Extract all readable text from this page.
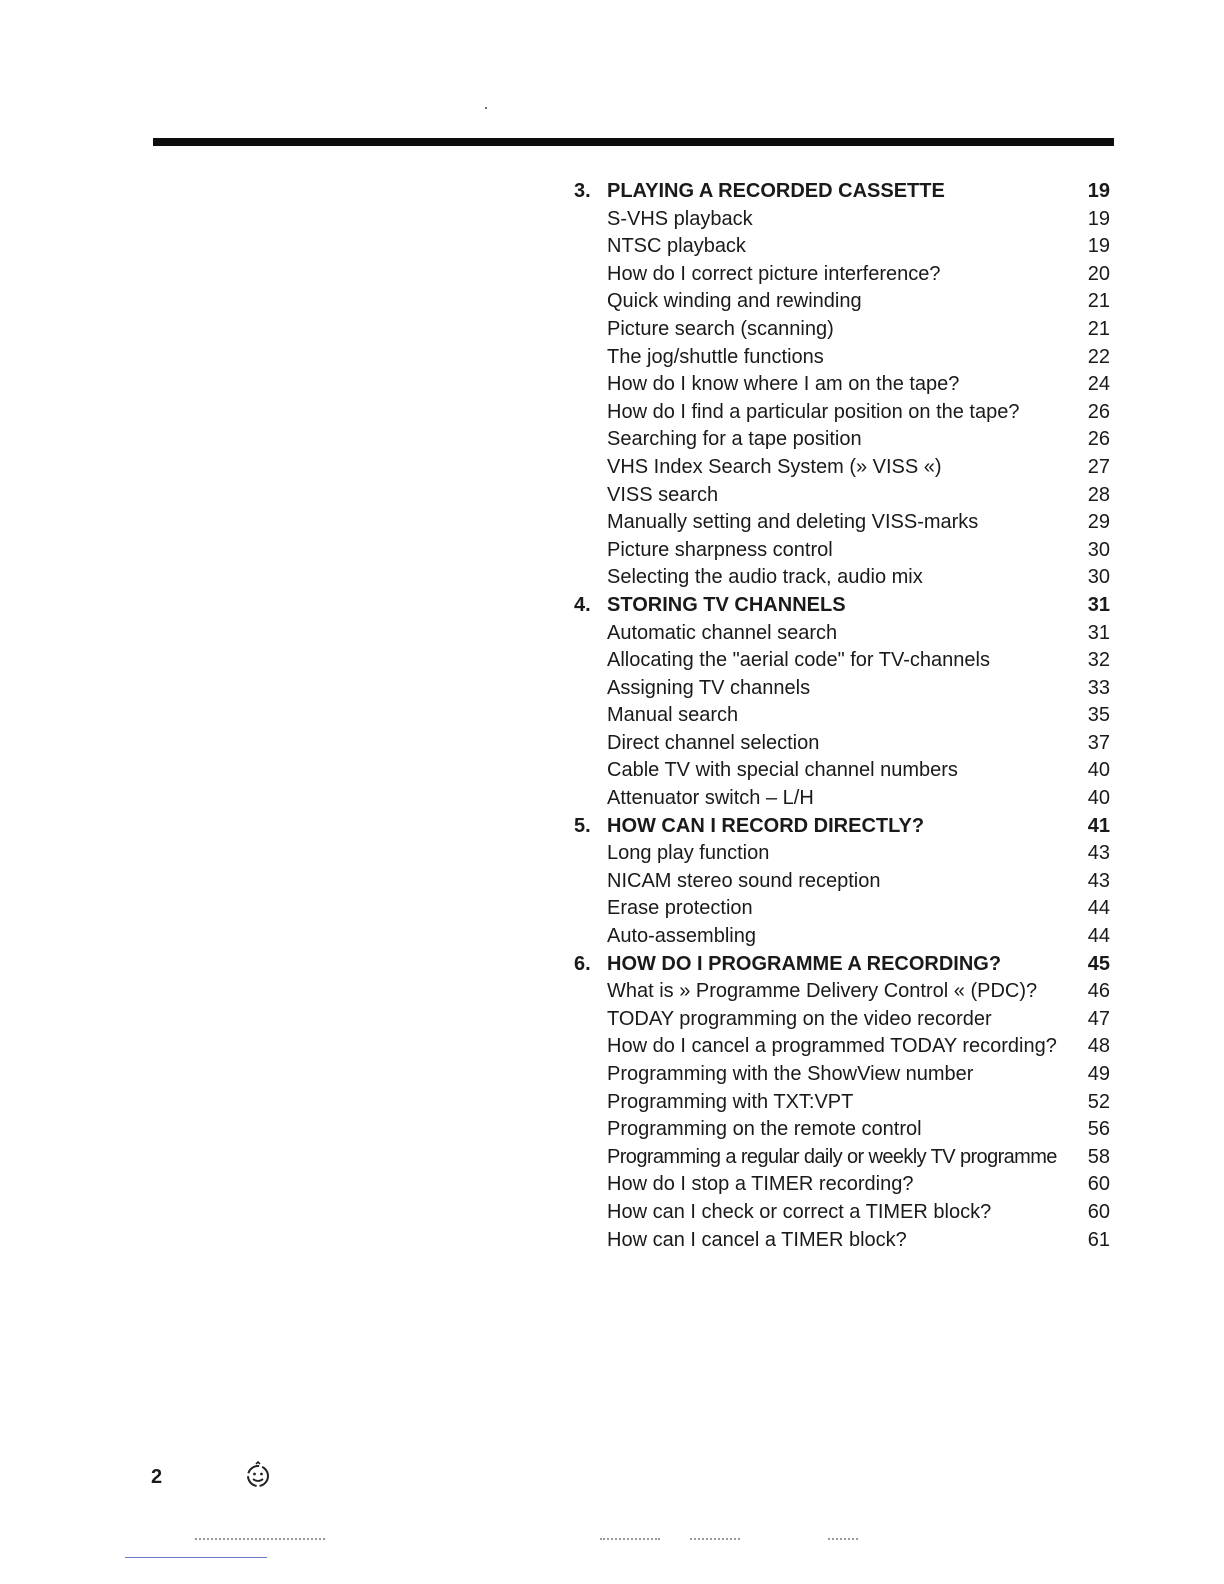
3. PLAYING A RECORDED CASSETTE	19
S-VHS playback	19
NTSC playback	19
How do I correct picture interference?	20
Quick winding and rewinding	21
Picture search (scanning)	21
The jog/shuttle functions	22
How do I know where I am on the tape?	24
How do I find a particular position on the tape?	26
Searching for a tape position	26
VHS Index Search System (» VISS «)	27
VISS search	28
Manually setting and deleting VISS-marks	29
Picture sharpness control	30
Selecting the audio track, audio mix	30
4. STORING TV CHANNELS	31
Automatic channel search	31
Allocating the "aerial code" for TV-channels	32
Assigning TV channels	33
Manual search	35
Direct channel selection	37
Cable TV with special channel numbers	40
Attenuator switch – L/H	40
5. HOW CAN I RECORD DIRECTLY?	41
Long play function	43
NICAM stereo sound reception	43
Erase protection	44
Auto-assembling	44
6. HOW DO I PROGRAMME A RECORDING?	45
What is » Programme Delivery Control « (PDC)?	46
TODAY programming on the video recorder	47
How do I cancel a programmed TODAY recording?	48
Programming with the ShowView number	49
Programming with TXT:VPT	52
Programming on the remote control	56
Programming a regular daily or weekly TV programme	58
How do I stop a TIMER recording?	60
How can I check or correct a TIMER block?	60
How can I cancel a TIMER block?	61
2
